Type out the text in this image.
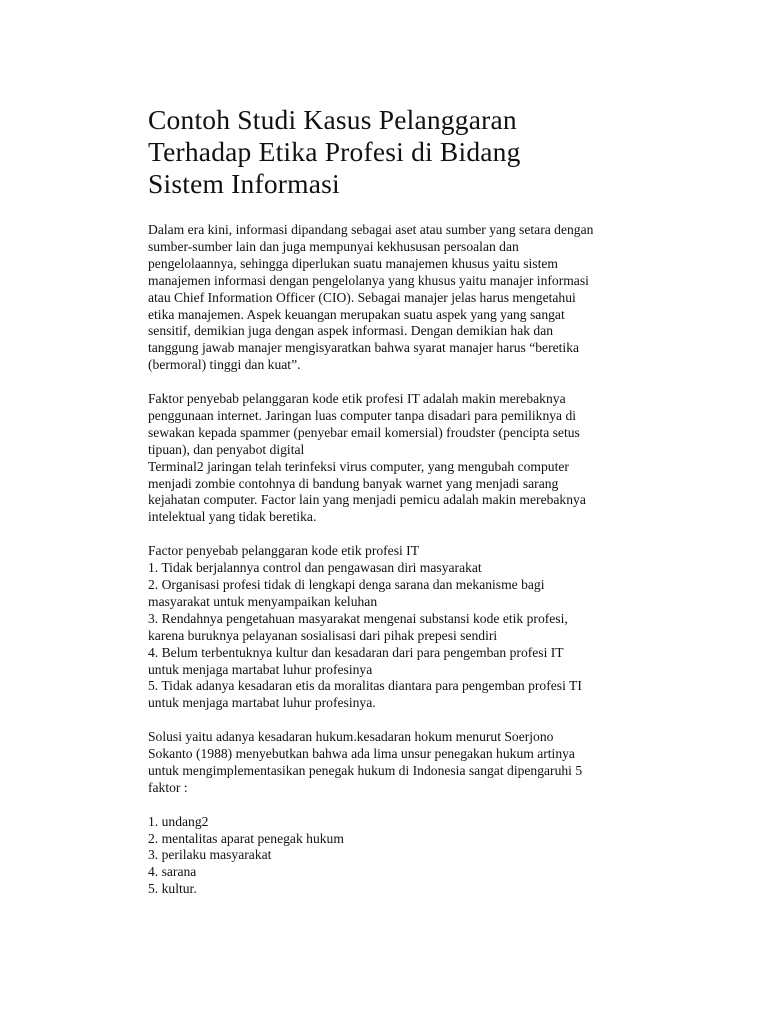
Contoh Studi Kasus Pelanggaran
Terhadap Etika Profesi di Bidang
Sistem Informasi
Dalam era kini, informasi dipandang sebagai aset atau sumber yang setara dengan
sumber-sumber lain dan juga mempunyai kekhususan persoalan dan
pengelolaannya, sehingga diperlukan suatu manajemen khusus yaitu sistem
manajemen informasi dengan pengelolanya yang khusus yaitu manajer informasi
atau Chief Information Officer (CIO). Sebagai manajer jelas harus mengetahui
etika manajemen. Aspek keuangan merupakan suatu aspek yang yang sangat
sensitif, demikian juga dengan aspek informasi. Dengan demikian hak dan
tanggung jawab manajer mengisyaratkan bahwa syarat manajer harus “beretika
(bermoral) tinggi dan kuat”.
Faktor penyebab pelanggaran kode etik profesi IT adalah makin merebaknya
penggunaan internet. Jaringan luas computer tanpa disadari para pemiliknya di
sewakan kepada spammer (penyebar email komersial) froudster (pencipta setus
tipuan), dan penyabot digital
Terminal2 jaringan telah terinfeksi virus computer, yang mengubah computer
menjadi zombie contohnya di bandung banyak warnet yang menjadi sarang
kejahatan computer. Factor lain yang menjadi pemicu adalah makin merebaknya
intelektual yang tidak beretika.
Factor penyebab pelanggaran kode etik profesi IT
1. Tidak berjalannya control dan pengawasan diri masyarakat
2. Organisasi profesi tidak di lengkapi denga sarana dan mekanisme bagi
masyarakat untuk menyampaikan keluhan
3. Rendahnya pengetahuan masyarakat mengenai substansi kode etik profesi,
karena buruknya pelayanan sosialisasi dari pihak prepesi sendiri
4. Belum terbentuknya kultur dan kesadaran dari para pengemban profesi IT
untuk menjaga martabat luhur profesinya
5. Tidak adanya kesadaran etis da moralitas diantara para pengemban profesi TI
untuk menjaga martabat luhur profesinya.
Solusi yaitu adanya kesadaran hukum.kesadaran hokum menurut Soerjono
Sokanto (1988) menyebutkan bahwa ada lima unsur penegakan hukum artinya
untuk mengimplementasikan penegak hukum di Indonesia sangat dipengaruhi 5
faktor :
1. undang2
2. mentalitas aparat penegak hukum
3. perilaku masyarakat
4. sarana
5. kultur.
